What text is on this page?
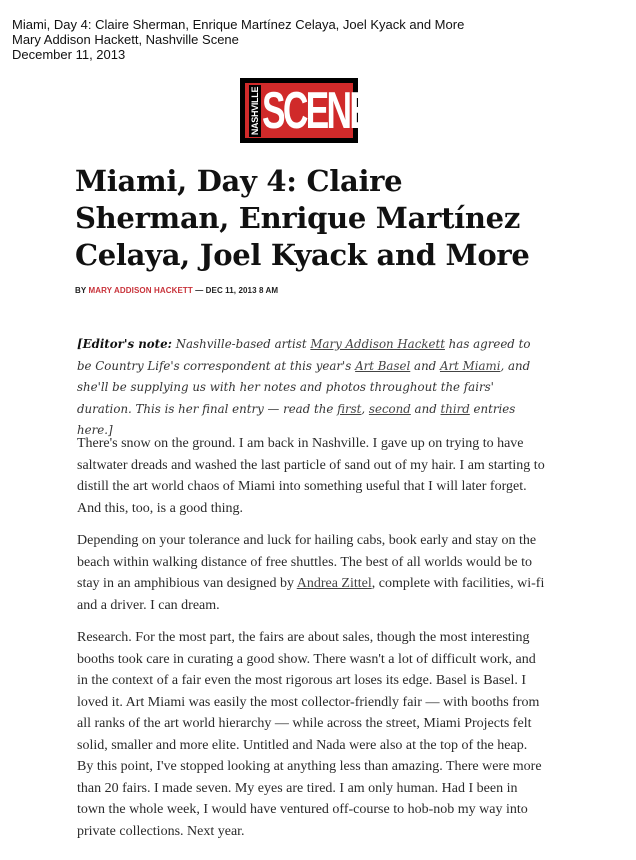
Miami, Day 4: Claire Sherman, Enrique Martínez Celaya, Joel Kyack and More
Mary Addison Hackett, Nashville Scene
December 11, 2013
NASHVILLE SCENE
Miami, Day 4: Claire Sherman, Enrique Martínez Celaya, Joel Kyack and More
BY MARY ADDISON HACKETT — DEC 11, 2013 8 AM
[Editor's note: Nashville-based artist Mary Addison Hackett has agreed to be Country Life's correspondent at this year's Art Basel and Art Miami, and she'll be supplying us with her notes and photos throughout the fairs' duration. This is her final entry — read the first, second and third entries here.]

There's snow on the ground. I am back in Nashville. I gave up on trying to have saltwater dreads and washed the last particle of sand out of my hair. I am starting to distill the art world chaos of Miami into something useful that I will later forget. And this, too, is a good thing.

Depending on your tolerance and luck for hailing cabs, book early and stay on the beach within walking distance of free shuttles. The best of all worlds would be to stay in an amphibious van designed by Andrea Zittel, complete with facilities, wi-fi and a driver. I can dream.

Research. For the most part, the fairs are about sales, though the most interesting booths took care in curating a good show. There wasn't a lot of difficult work, and in the context of a fair even the most rigorous art loses its edge. Basel is Basel. I loved it. Art Miami was easily the most collector-friendly fair — with booths from all ranks of the art world hierarchy — while across the street, Miami Projects felt solid, smaller and more elite. Untitled and Nada were also at the top of the heap. By this point, I've stopped looking at anything less than amazing. There were more than 20 fairs. I made seven. My eyes are tired. I am only human. Had I been in town the whole week, I would have ventured off-course to hob-nob my way into private collections. Next year.
